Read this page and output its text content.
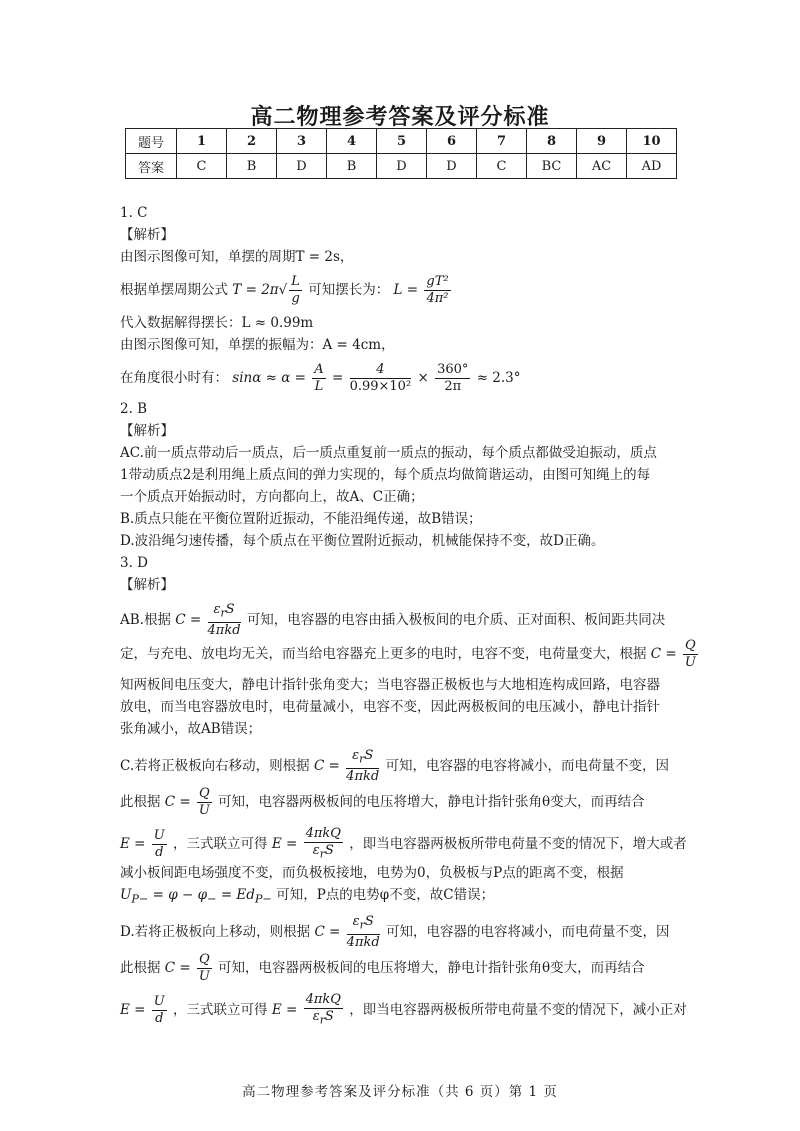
高二物理参考答案及评分标准
题号	1	2	3	4	5	6	7	8	9	10
答案	C	B	D	B	D	D	C	BC	AC	AD
1. C
【解析】
由图示图像可知，单摆的周期T = 2s，
根据单摆周期公式 $T = 2\pi√ \frac{L}{g}$ 可知摆长为： $L = \frac{\text{gT²}}{\text{4π²}}$
代入数据解得摆长：L ≈ 0.99m
由图示图像可知，单摆的振幅为：A = 4cm，
在角度很小时有： $\sin\alpha \approx \alpha = \frac{A}{L} = \frac{4}{\text{0.99×10²}} \times \frac{360^\circ}{2\pi} \approx 2.3^\circ$
2. B
【解析】
AC.前一质点带动后一质点，后一质点重复前一质点的振动，每个质点都做受迫振动，质点
1带动质点2是利用绳上质点间的弹力实现的，每个质点均做简谐运动，由图可知绳上的每
一个质点开始振动时，方向都向上，故A、C正确；
B.质点只能在平衡位置附近振动，不能沿绳传递，故B错误；
D.波沿绳匀速传播，每个质点在平衡位置附近振动，机械能保持不变，故D正确。
3. D
【解析】
AB.根据 $C = \frac{\varepsilon_rS}{\text{4πkd}}$ 可知，电容器的电容由插入极板间的电介质、正对面积、板间距共同决
定，与充电、放电均无关，而当给电容器充上更多的电时，电容不变，电荷量变大，根据 $C = \frac{Q}{U}$
知两板间电压变大，静电计指针张角变大；当电容器正极板也与大地相连构成回路，电容器
放电，而当电容器放电时，电荷量减小，电容不变，因此两极板间的电压减小，静电计指针
张角减小，故AB错误；
C.若将正极板向右移动，则根据 $C = \frac{\varepsilon_rS}{\text{4πkd}}$ 可知，电容器的电容将减小，而电荷量不变，因
此根据 $C = \frac{Q}{U}$ 可知，电容器两极板间的电压将增大，静电计指针张角θ变大，而再结合
$E = \frac{U}{d}$ ，三式联立可得 $E = \frac{\text{4πkQ}}{\varepsilon_rS}$ ，即当电容器两极板所带电荷量不变的情况下，增大或者
减小板间距电场强度不变，而负极板接地，电势为0，负极板与P点的距离不变，根据
$U_{P-} = \varphi - \varphi_- = Ed_{P-}$ 可知，P点的电势φ不变，故C错误；
D.若将正极板向上移动，则根据 $C = \frac{\varepsilon_rS}{\text{4πkd}}$ 可知，电容器的电容将减小，而电荷量不变，因
此根据 $C = \frac{Q}{U}$ 可知，电容器两极板间的电压将增大，静电计指针张角θ变大，而再结合
$E = \frac{U}{d}$ ，三式联立可得 $E = \frac{\text{4πkQ}}{\varepsilon_rS}$ ，即当电容器两极板所带电荷量不变的情况下，减小正对
高二物理参考答案及评分标准（共 6 页）第 1 页
